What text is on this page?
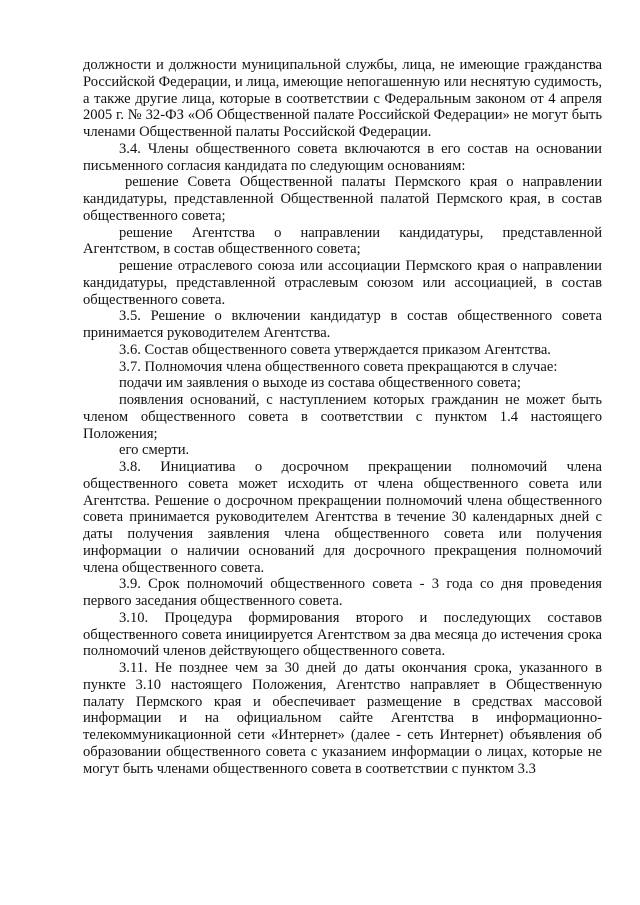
должности и должности муниципальной службы, лица, не имеющие гражданства Российской Федерации, и лица, имеющие непогашенную или неснятую судимость, а также другие лица, которые в соответствии с Федеральным законом от 4 апреля 2005 г. № 32-ФЗ «Об Общественной палате Российской Федерации» не могут быть членами Общественной палаты Российской Федерации.

3.4. Члены общественного совета включаются в его состав на основании письменного согласия кандидата по следующим основаниям:

решение Совета Общественной палаты Пермского края о направлении кандидатуры, представленной Общественной палатой Пермского края, в состав общественного совета;

решение Агентства о направлении кандидатуры, представленной Агентством, в состав общественного совета;

решение отраслевого союза или ассоциации Пермского края о направлении кандидатуры, представленной отраслевым союзом или ассоциацией, в состав общественного совета.

3.5. Решение о включении кандидатур в состав общественного совета принимается руководителем Агентства.

3.6. Состав общественного совета утверждается приказом Агентства.

3.7. Полномочия члена общественного совета прекращаются в случае:

подачи им заявления о выходе из состава общественного совета;

появления оснований, с наступлением которых гражданин не может быть членом общественного совета в соответствии с пунктом 1.4 настоящего Положения;

его смерти.

3.8. Инициатива о досрочном прекращении полномочий члена общественного совета может исходить от члена общественного совета или Агентства. Решение о досрочном прекращении полномочий члена общественного совета принимается руководителем Агентства в течение 30 календарных дней с даты получения заявления члена общественного совета или получения информации о наличии оснований для досрочного прекращения полномочий члена общественного совета.

3.9. Срок полномочий общественного совета - 3 года со дня проведения первого заседания общественного совета.

3.10. Процедура формирования второго и последующих составов общественного совета инициируется Агентством за два месяца до истечения срока полномочий членов действующего общественного совета.

3.11. Не позднее чем за 30 дней до даты окончания срока, указанного в пункте 3.10 настоящего Положения, Агентство направляет в Общественную палату Пермского края и обеспечивает размещение в средствах массовой информации и на официальном сайте Агентства в информационно-телекоммуникационной сети «Интернет» (далее - сеть Интернет) объявления об образовании общественного совета с указанием информации о лицах, которые не могут быть членами общественного совета в соответствии с пунктом 3.3
